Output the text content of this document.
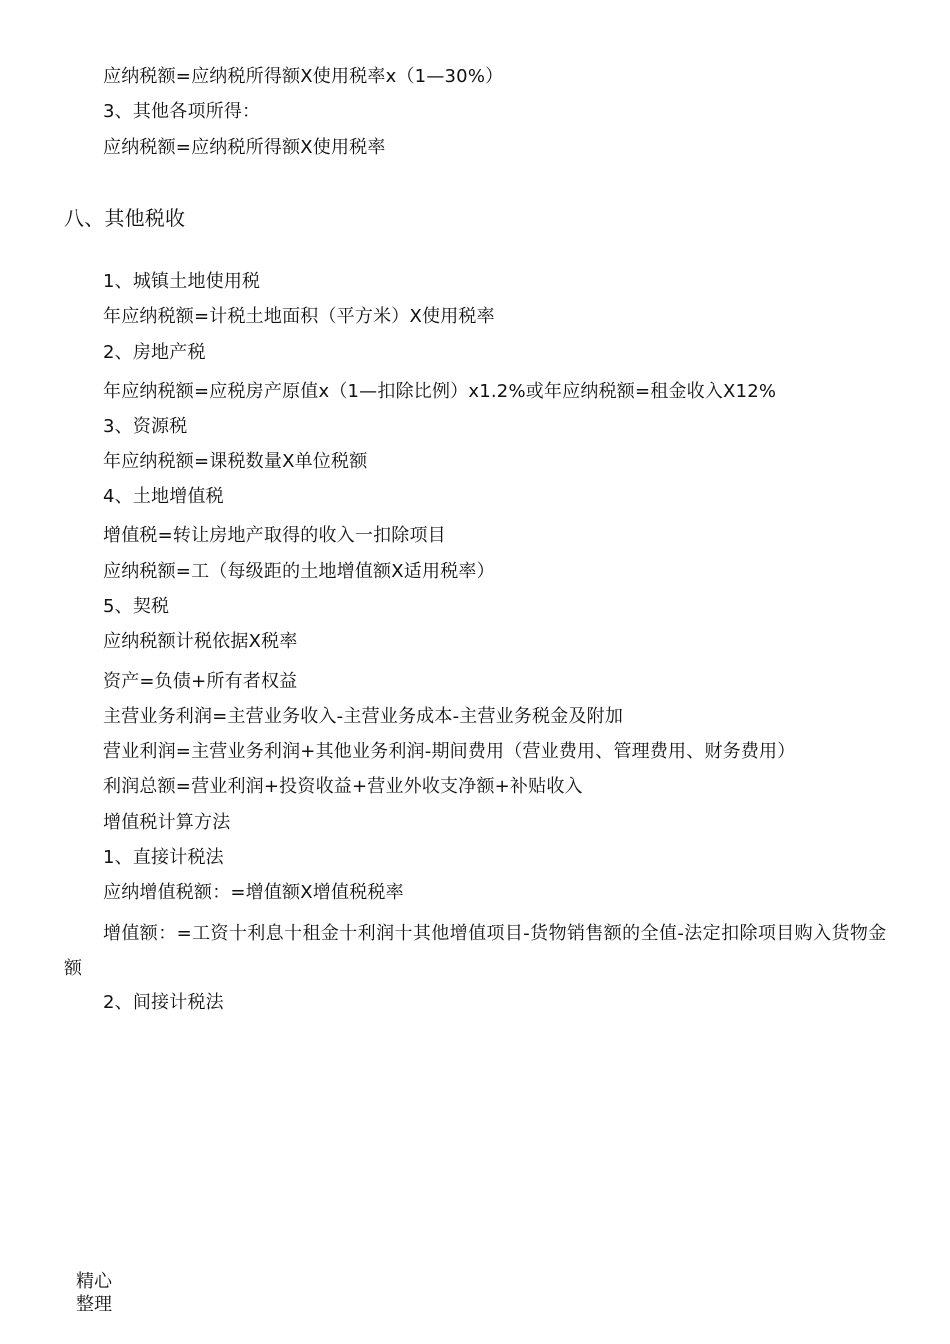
应纳税额=应纳税所得额X使用税率x（1—30%）
3、其他各项所得：
应纳税额=应纳税所得额X使用税率
八、其他税收
1、城镇土地使用税
年应纳税额=计税土地面积（平方米）X使用税率
2、房地产税
年应纳税额=应税房产原值x（1—扣除比例）x1.2%或年应纳税额=租金收入X12%
3、资源税
年应纳税额=课税数量X单位税额
4、土地增值税
增值税=转让房地产取得的收入一扣除项目
应纳税额=工（每级距的土地增值额X适用税率）
5、契税
应纳税额计税依据X税率
资产=负债+所有者权益
主营业务利润=主营业务收入-主营业务成本-主营业务税金及附加
营业利润=主营业务利润+其他业务利润-期间费用（营业费用、管理费用、财务费用）
利润总额=营业利润+投资收益+营业外收支净额+补贴收入
增值税计算方法
1、直接计税法
应纳增值税额：=增值额X增值税税率
增值额：=工资十利息十租金十利润十其他增值项目-货物销售额的全值-法定扣除项目购入货物金额
2、间接计税法
精心
整理
